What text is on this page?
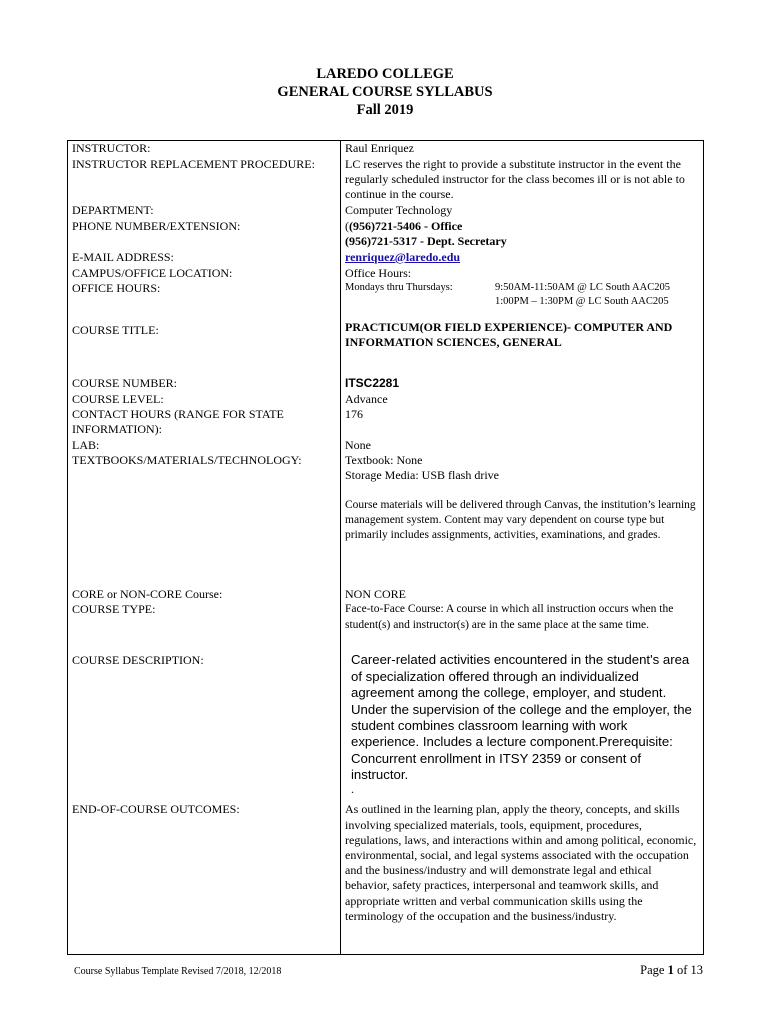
LAREDO COLLEGE
GENERAL COURSE SYLLABUS
Fall 2019
INSTRUCTOR:	Raul Enriquez
INSTRUCTOR REPLACEMENT PROCEDURE:	LC reserves the right to provide a substitute instructor in the event the regularly scheduled instructor for the class becomes ill or is not able to continue in the course.
DEPARTMENT:	Computer Technology
PHONE NUMBER/EXTENSION:	((956)721-5406 - Office
(956)721-5317 - Dept. Secretary
E-MAIL ADDRESS:	renriquez@laredo.edu
CAMPUS/OFFICE LOCATION:	Office Hours:
OFFICE HOURS:	Mondays thru Thursdays: 9:50AM-11:50AM @ LC South AAC205
1:00PM – 1:30PM @ LC South AAC205

COURSE TITLE:	PRACTICUM(OR FIELD EXPERIENCE)- COMPUTER AND INFORMATION SCIENCES, GENERAL
COURSE NUMBER:	ITSC2281
COURSE LEVEL:	Advance
CONTACT HOURS (RANGE FOR STATE INFORMATION):	176
LAB:	None
TEXTBOOKS/MATERIALS/TECHNOLOGY:	Textbook: None
Storage Media: USB flash drive
Course materials will be delivered through Canvas, the institution’s learning management system. Content may vary dependent on course type but primarily includes assignments, activities, examinations, and grades.

CORE or NON-CORE Course:	NON CORE
COURSE TYPE:	Face-to-Face Course: A course in which all instruction occurs when the student(s) and instructor(s) are in the same place at the same time.
COURSE DESCRIPTION:	Career-related activities encountered in the student's area of specialization offered through an individualized agreement among the college, employer, and student. Under the supervision of the college and the employer, the student combines classroom learning with work experience. Includes a lecture component.Prerequisite: Concurrent enrollment in ITSY 2359 or consent of instructor.
.

END-OF-COURSE OUTCOMES:	As outlined in the learning plan, apply the theory, concepts, and skills involving specialized materials, tools, equipment, procedures, regulations, laws, and interactions within and among political, economic, environmental, social, and legal systems associated with the occupation and the business/industry and will demonstrate legal and ethical behavior, safety practices, interpersonal and teamwork skills, and appropriate written and verbal communication skills using the terminology of the occupation and the business/industry.
Course Syllabus Template Revised 7/2018, 12/2018	Page 1 of 13
